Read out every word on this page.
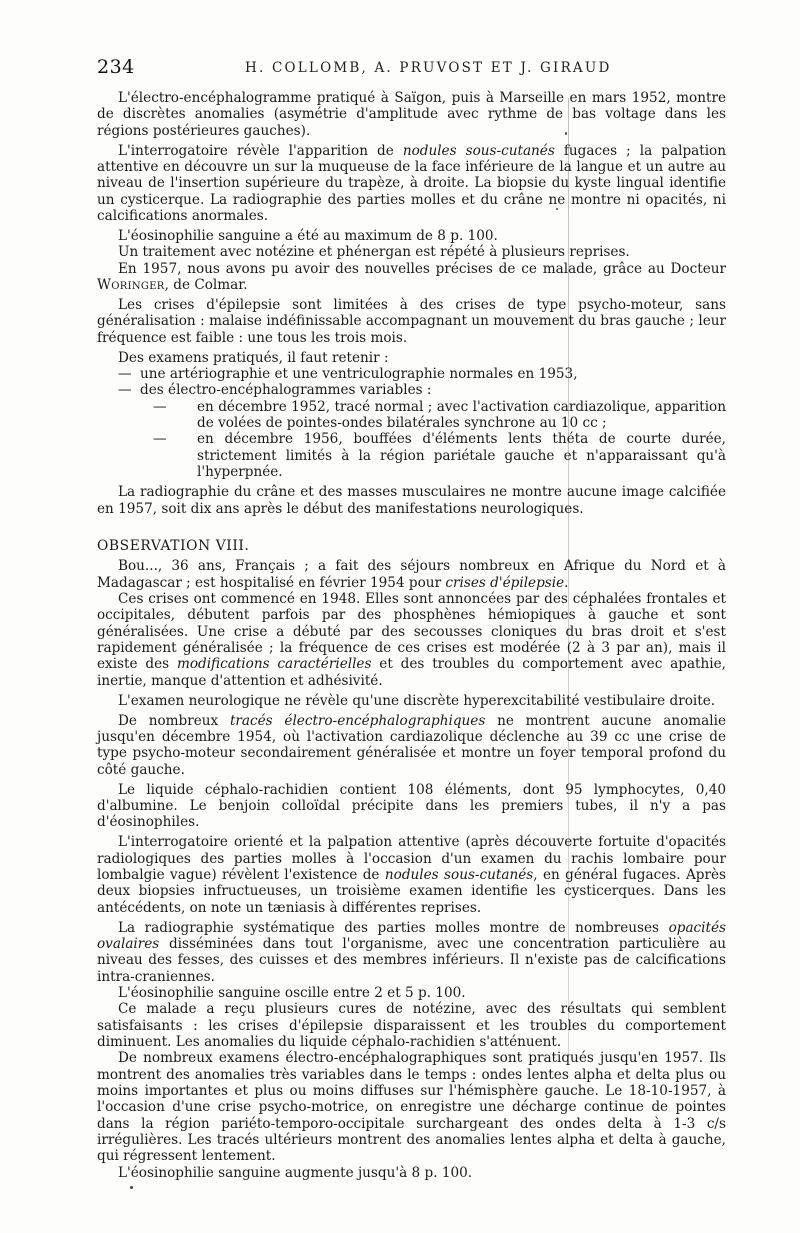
234	H. COLLOMB, A. PRUVOST ET J. GIRAUD

L'électro-encéphalogramme pratiqué à Saïgon, puis à Marseille en mars 1952, montre de discrètes anomalies (asymétrie d'amplitude avec rythme de bas voltage dans les régions postérieures gauches).

L'interrogatoire révèle l'apparition de nodules sous-cutanés fugaces ; la palpation attentive en découvre un sur la muqueuse de la face inférieure de la langue et un autre au niveau de l'insertion supérieure du trapèze, à droite. La biopsie du kyste lingual identifie un cysticerque. La radiographie des parties molles et du crâne ne montre ni opacités, ni calcifications anormales.

L'éosinophilie sanguine a été au maximum de 8 p. 100.

Un traitement avec notézine et phénergan est répété à plusieurs reprises.

En 1957, nous avons pu avoir des nouvelles précises de ce malade, grâce au Docteur Woringer, de Colmar.

Les crises d'épilepsie sont limitées à des crises de type psycho-moteur, sans généralisation : malaise indéfinissable accompagnant un mouvement du bras gauche ; leur fréquence est faible : une tous les trois mois.

Des examens pratiqués, il faut retenir :

— une artériographie et une ventriculographie normales en 1953,

— des électro-encéphalogrammes variables :

— en décembre 1952, tracé normal ; avec l'activation cardiazolique, apparition de volées de pointes-ondes bilatérales synchrone au 10 cc ;

— en décembre 1956, bouffées d'éléments lents théta de courte durée, strictement limités à la région pariétale gauche et n'apparaissant qu'à l'hyperpnée.

La radiographie du crâne et des masses musculaires ne montre aucune image calcifiée en 1957, soit dix ans après le début des manifestations neurologiques.

OBSERVATION VIII.

Bou..., 36 ans, Français ; a fait des séjours nombreux en Afrique du Nord et à Madagascar ; est hospitalisé en février 1954 pour crises d'épilepsie.

Ces crises ont commencé en 1948. Elles sont annoncées par des céphalées frontales et occipitales, débutent parfois par des phosphènes hémiopiques à gauche et sont généralisées. Une crise a débuté par des secousses cloniques du bras droit et s'est rapidement généralisée ; la fréquence de ces crises est modérée (2 à 3 par an), mais il existe des modifications caractérielles et des troubles du comportement avec apathie, inertie, manque d'attention et adhésivité.

L'examen neurologique ne révèle qu'une discrète hyperexcitabilité vestibulaire droite.

De nombreux tracés électro-encéphalographiques ne montrent aucune anomalie jusqu'en décembre 1954, où l'activation cardiazolique déclenche au 39 cc une crise de type psycho-moteur secondairement généralisée et montre un foyer temporal profond du côté gauche.

Le liquide céphalo-rachidien contient 108 éléments, dont 95 lymphocytes, 0,40 d'albumine. Le benjoin colloïdal précipite dans les premiers tubes, il n'y a pas d'éosinophiles.

L'interrogatoire orienté et la palpation attentive (après découverte fortuite d'opacités radiologiques des parties molles à l'occasion d'un examen du rachis lombaire pour lombalgie vague) révèlent l'existence de nodules sous-cutanés, en général fugaces. Après deux biopsies infructueuses, un troisième examen identifie les cysticerques. Dans les antécédents, on note un tæniasis à différentes reprises.

La radiographie systématique des parties molles montre de nombreuses opacités ovalaires disséminées dans tout l'organisme, avec une concentration particulière au niveau des fesses, des cuisses et des membres inférieurs. Il n'existe pas de calcifications intra-craniennes.

L'éosinophilie sanguine oscille entre 2 et 5 p. 100.

Ce malade a reçu plusieurs cures de notézine, avec des résultats qui semblent satisfaisants : les crises d'épilepsie disparaissent et les troubles du comportement diminuent. Les anomalies du liquide céphalo-rachidien s'atténuent.

De nombreux examens électro-encéphalographiques sont pratiqués jusqu'en 1957. Ils montrent des anomalies très variables dans le temps : ondes lentes alpha et delta plus ou moins importantes et plus ou moins diffuses sur l'hémisphère gauche. Le 18-10-1957, à l'occasion d'une crise psycho-motrice, on enregistre une décharge continue de pointes dans la région pariéto-temporo-occipitale surchargeant des ondes delta à 1-3 c/s irrégulières. Les tracés ultérieurs montrent des anomalies lentes alpha et delta à gauche, qui régressent lentement.

L'éosinophilie sanguine augmente jusqu'à 8 p. 100.
